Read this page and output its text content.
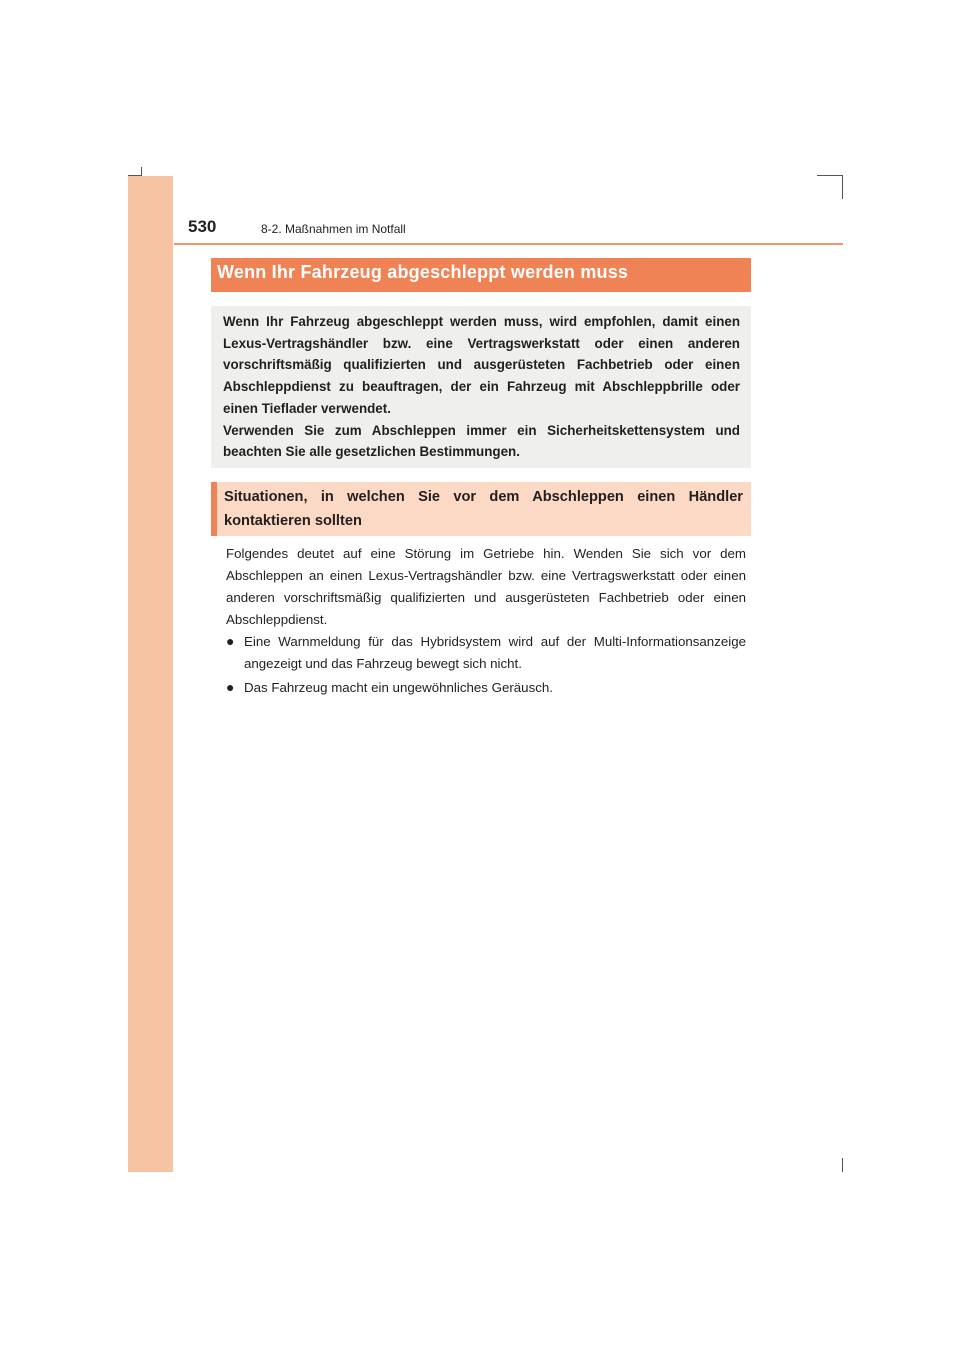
530	8-2. Maßnahmen im Notfall
Wenn Ihr Fahrzeug abgeschleppt werden muss

Wenn Ihr Fahrzeug abgeschleppt werden muss, wird empfohlen, damit einen Lexus-Vertragshändler bzw. eine Vertragswerkstatt oder einen anderen vorschriftsmäßig qualifizierten und ausgerüsteten Fachbetrieb oder einen Abschleppdienst zu beauftragen, der ein Fahrzeug mit Abschleppbrille oder einen Tieflader verwendet.

Verwenden Sie zum Abschleppen immer ein Sicherheitskettensystem und beachten Sie alle gesetzlichen Bestimmungen.

Situationen, in welchen Sie vor dem Abschleppen einen Händler kontaktieren sollten

Folgendes deutet auf eine Störung im Getriebe hin. Wenden Sie sich vor dem Abschleppen an einen Lexus-Vertragshändler bzw. eine Vertragswerkstatt oder einen anderen vorschriftsmäßig qualifizierten und ausgerüsteten Fachbetrieb oder einen Abschleppdienst.

● Eine Warnmeldung für das Hybridsystem wird auf der Multi-Informationsanzeige angezeigt und das Fahrzeug bewegt sich nicht.
● Das Fahrzeug macht ein ungewöhnliches Geräusch.
